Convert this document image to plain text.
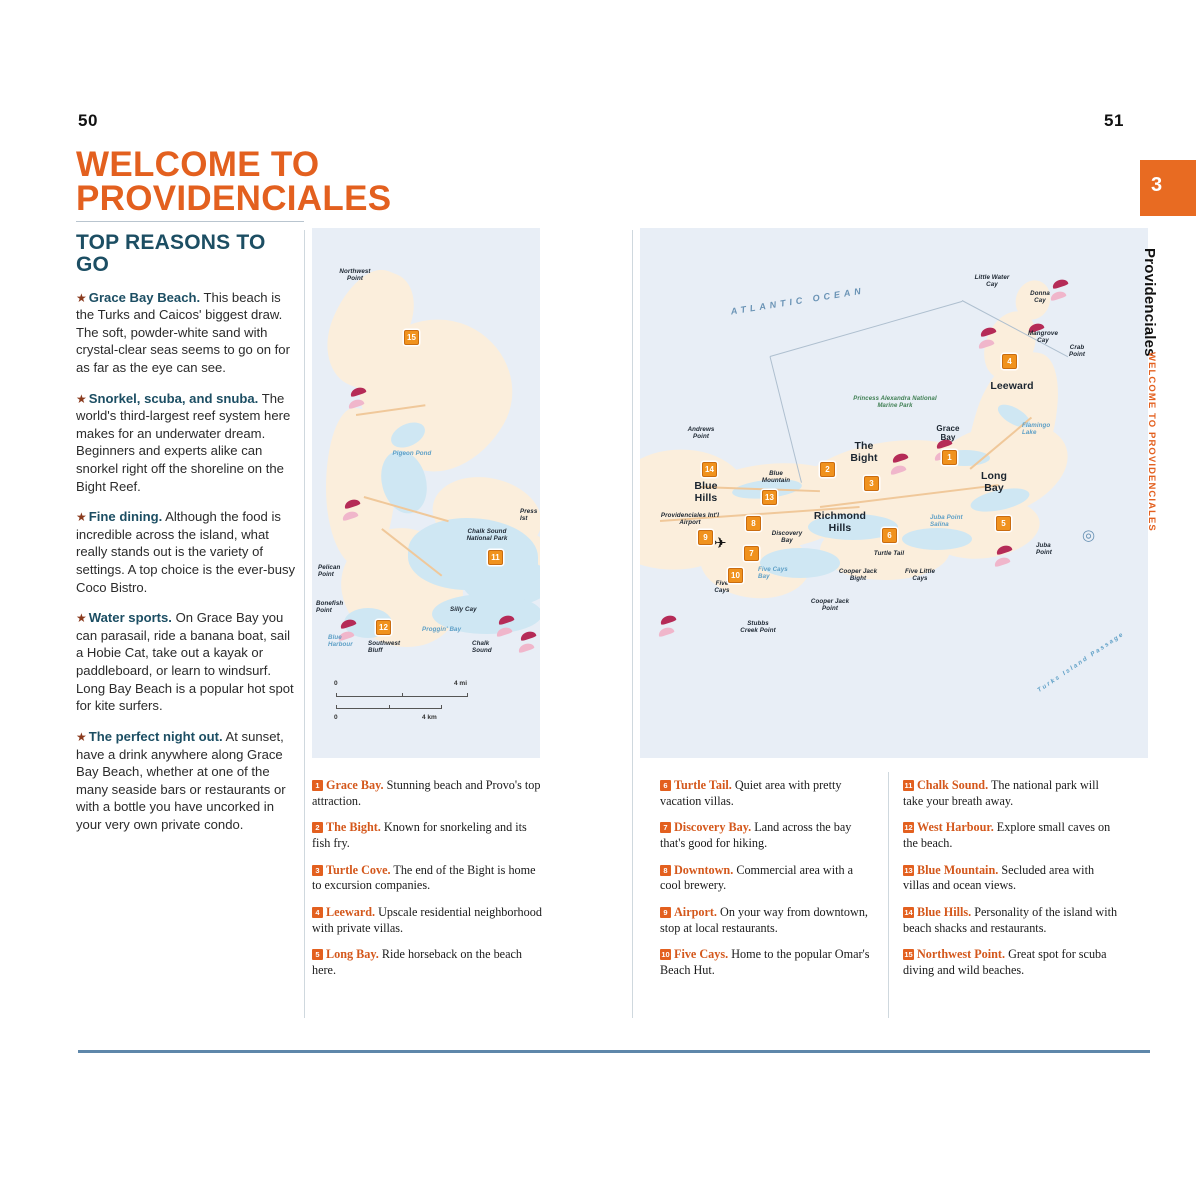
50	51
WELCOME TO
PROVIDENCIALES
TOP REASONS TO GO

★ Grace Bay Beach. This beach is the Turks and Caicos' biggest draw. The soft, powder-white sand with crystal-clear seas seems to go on for as far as the eye can see.

★ Snorkel, scuba, and snuba. The world's third-largest reef system here makes for an underwater dream. Beginners and experts alike can snorkel right off the shoreline on the Bight Reef.

★ Fine dining. Although the food is incredible across the island, what really stands out is the variety of settings. A top choice is the ever-busy Coco Bistro.

★ Water sports. On Grace Bay you can parasail, ride a banana boat, sail a Hobie Cat, take out a kayak or paddleboard, or learn to windsurf. Long Bay Beach is a popular hot spot for kite surfers.

★ The perfect night out. At sunset, have a drink anywhere along Grace Bay Beach, whether at one of the many seaside bars or restaurants or with a bottle you have uncorked in your very own private condo.

Northwest Point
Pigeon Pond
Pelican Point
Bonefish Point
Chalk Sound National Park
Silly Cay
Proggin' Bay
Chalk Sound
Blue Harbour	Southwest Bluff
Press Ist
15
11
12
0	4 mi
0	4 km
✈
ATLANTIC OCEAN
Princess Alexandra National Marine Park
Turks Island Passage
Andrews Point
Blue Hills
Providenciales Int'l Airport
Blue Mountain
The Bight
Richmond Hills
Discovery Bay
Grace Bay
Leeward
Long Bay
Turtle Tail
Five Cays
Little Water Cay
Donna Cay
Mangrove Cay
Crab Point
Juba Point
Juba Point Salina
Cooper Jack Bight
Cooper Jack Point
Stubbs Creek Point
Five Little Cays
Flamingo Lake
Five Cays Bay
14
13
2
3
1
4
5
6
7
8
9
10
◎
1 Grace Bay. Stunning beach and Provo's top attraction.
2 The Bight. Known for snorkeling and its fish fry.
3 Turtle Cove. The end of the Bight is home to excursion companies.
4 Leeward. Upscale residential neighborhood with private villas.
5 Long Bay. Ride horseback on the beach here.
6 Turtle Tail. Quiet area with pretty vacation villas.
7 Discovery Bay. Land across the bay that's good for hiking.
8 Downtown. Commercial area with a cool brewery.
9 Airport. On your way from downtown, stop at local restaurants.
10 Five Cays. Home to the popular Omar's Beach Hut.
11 Chalk Sound. The national park will take your breath away.
12 West Harbour. Explore small caves on the beach.
13 Blue Mountain. Secluded area with villas and ocean views.
14 Blue Hills. Personality of the island with beach shacks and restaurants.
15 Northwest Point. Great spot for scuba diving and wild beaches.
3
Providenciales
WELCOME TO PROVIDENCIALES
